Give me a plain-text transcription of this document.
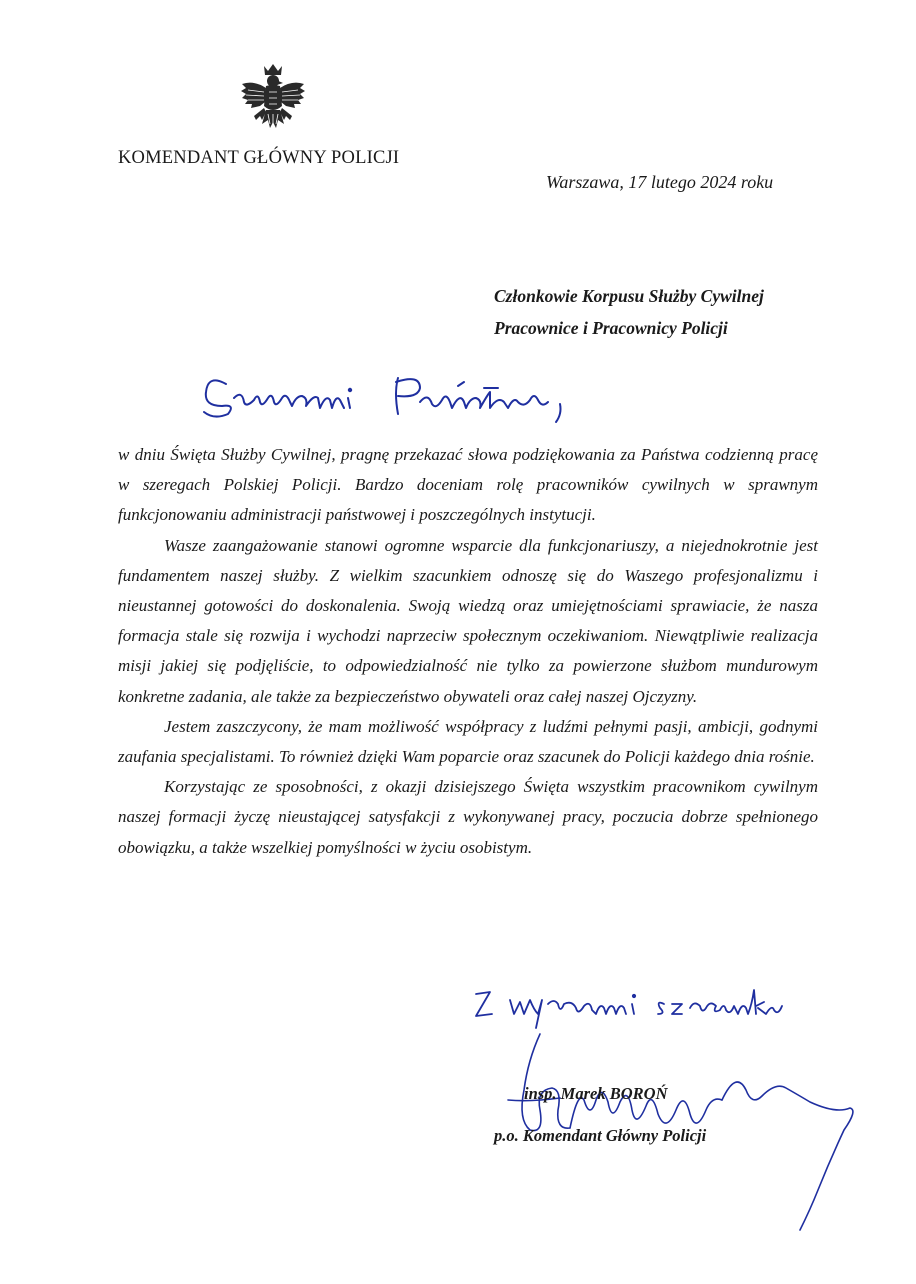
KOMENDANT GŁÓWNY POLICJI
Warszawa, 17 lutego 2024 roku
Członkowie Korpusu Służby Cywilnej
Pracownice i Pracownicy Policji

w dniu Święta Służby Cywilnej, pragnę przekazać słowa podziękowania za Państwa codzienną pracę w szeregach Polskiej Policji. Bardzo doceniam rolę pracowników cywilnych w sprawnym funkcjonowaniu administracji państwowej i poszczególnych instytucji.

Wasze zaangażowanie stanowi ogromne wsparcie dla funkcjonariuszy, a niejednokrotnie jest fundamentem naszej służby. Z wielkim szacunkiem odnoszę się do Waszego profesjonalizmu i nieustannej gotowości do doskonalenia. Swoją wiedzą oraz umiejętnościami sprawiacie, że nasza formacja stale się rozwija i wychodzi naprzeciw społecznym oczekiwaniom. Niewątpliwie realizacja misji jakiej się podjęliście, to odpowiedzialność nie tylko za powierzone służbom mundurowym konkretne zadania, ale także za bezpieczeństwo obywateli oraz całej naszej Ojczyzny.

Jestem zaszczycony, że mam możliwość współpracy z ludźmi pełnymi pasji, ambicji, godnymi zaufania specjalistami. To również dzięki Wam poparcie oraz szacunek do Policji każdego dnia rośnie.

Korzystając ze sposobności, z okazji dzisiejszego Święta wszystkim pracownikom cywilnym naszej formacji życzę nieustającej satysfakcji z wykonywanej pracy, poczucia dobrze spełnionego obowiązku, a także wszelkiej pomyślności w życiu osobistym.

insp. Marek BOROŃ
p.o. Komendant Główny Policji
